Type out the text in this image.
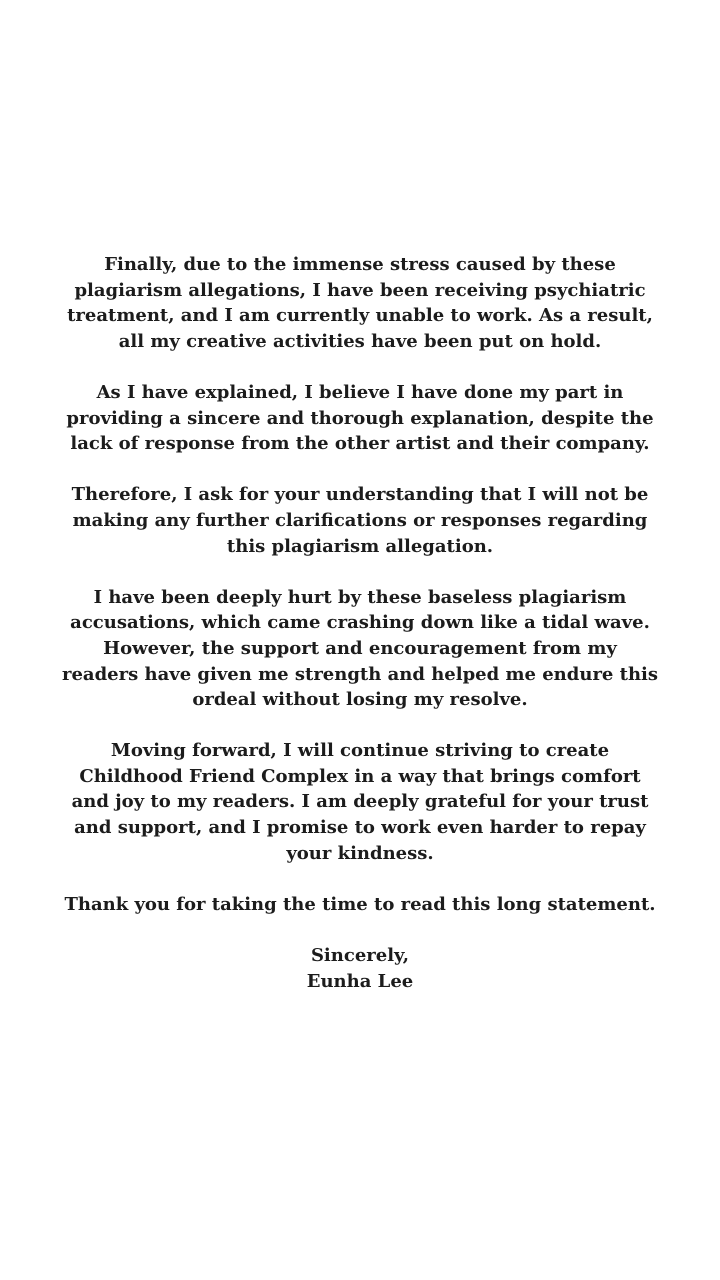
Finally, due to the immense stress caused by these
plagiarism allegations, I have been receiving psychiatric
treatment, and I am currently unable to work. As a result,
all my creative activities have been put on hold.

As I have explained, I believe I have done my part in
providing a sincere and thorough explanation, despite the
lack of response from the other artist and their company.

Therefore, I ask for your understanding that I will not be
making any further clarifications or responses regarding
this plagiarism allegation.

I have been deeply hurt by these baseless plagiarism
accusations, which came crashing down like a tidal wave.
However, the support and encouragement from my
readers have given me strength and helped me endure this
ordeal without losing my resolve.

Moving forward, I will continue striving to create
Childhood Friend Complex in a way that brings comfort
and joy to my readers. I am deeply grateful for your trust
and support, and I promise to work even harder to repay
your kindness.

Thank you for taking the time to read this long statement.

Sincerely,
Eunha Lee
